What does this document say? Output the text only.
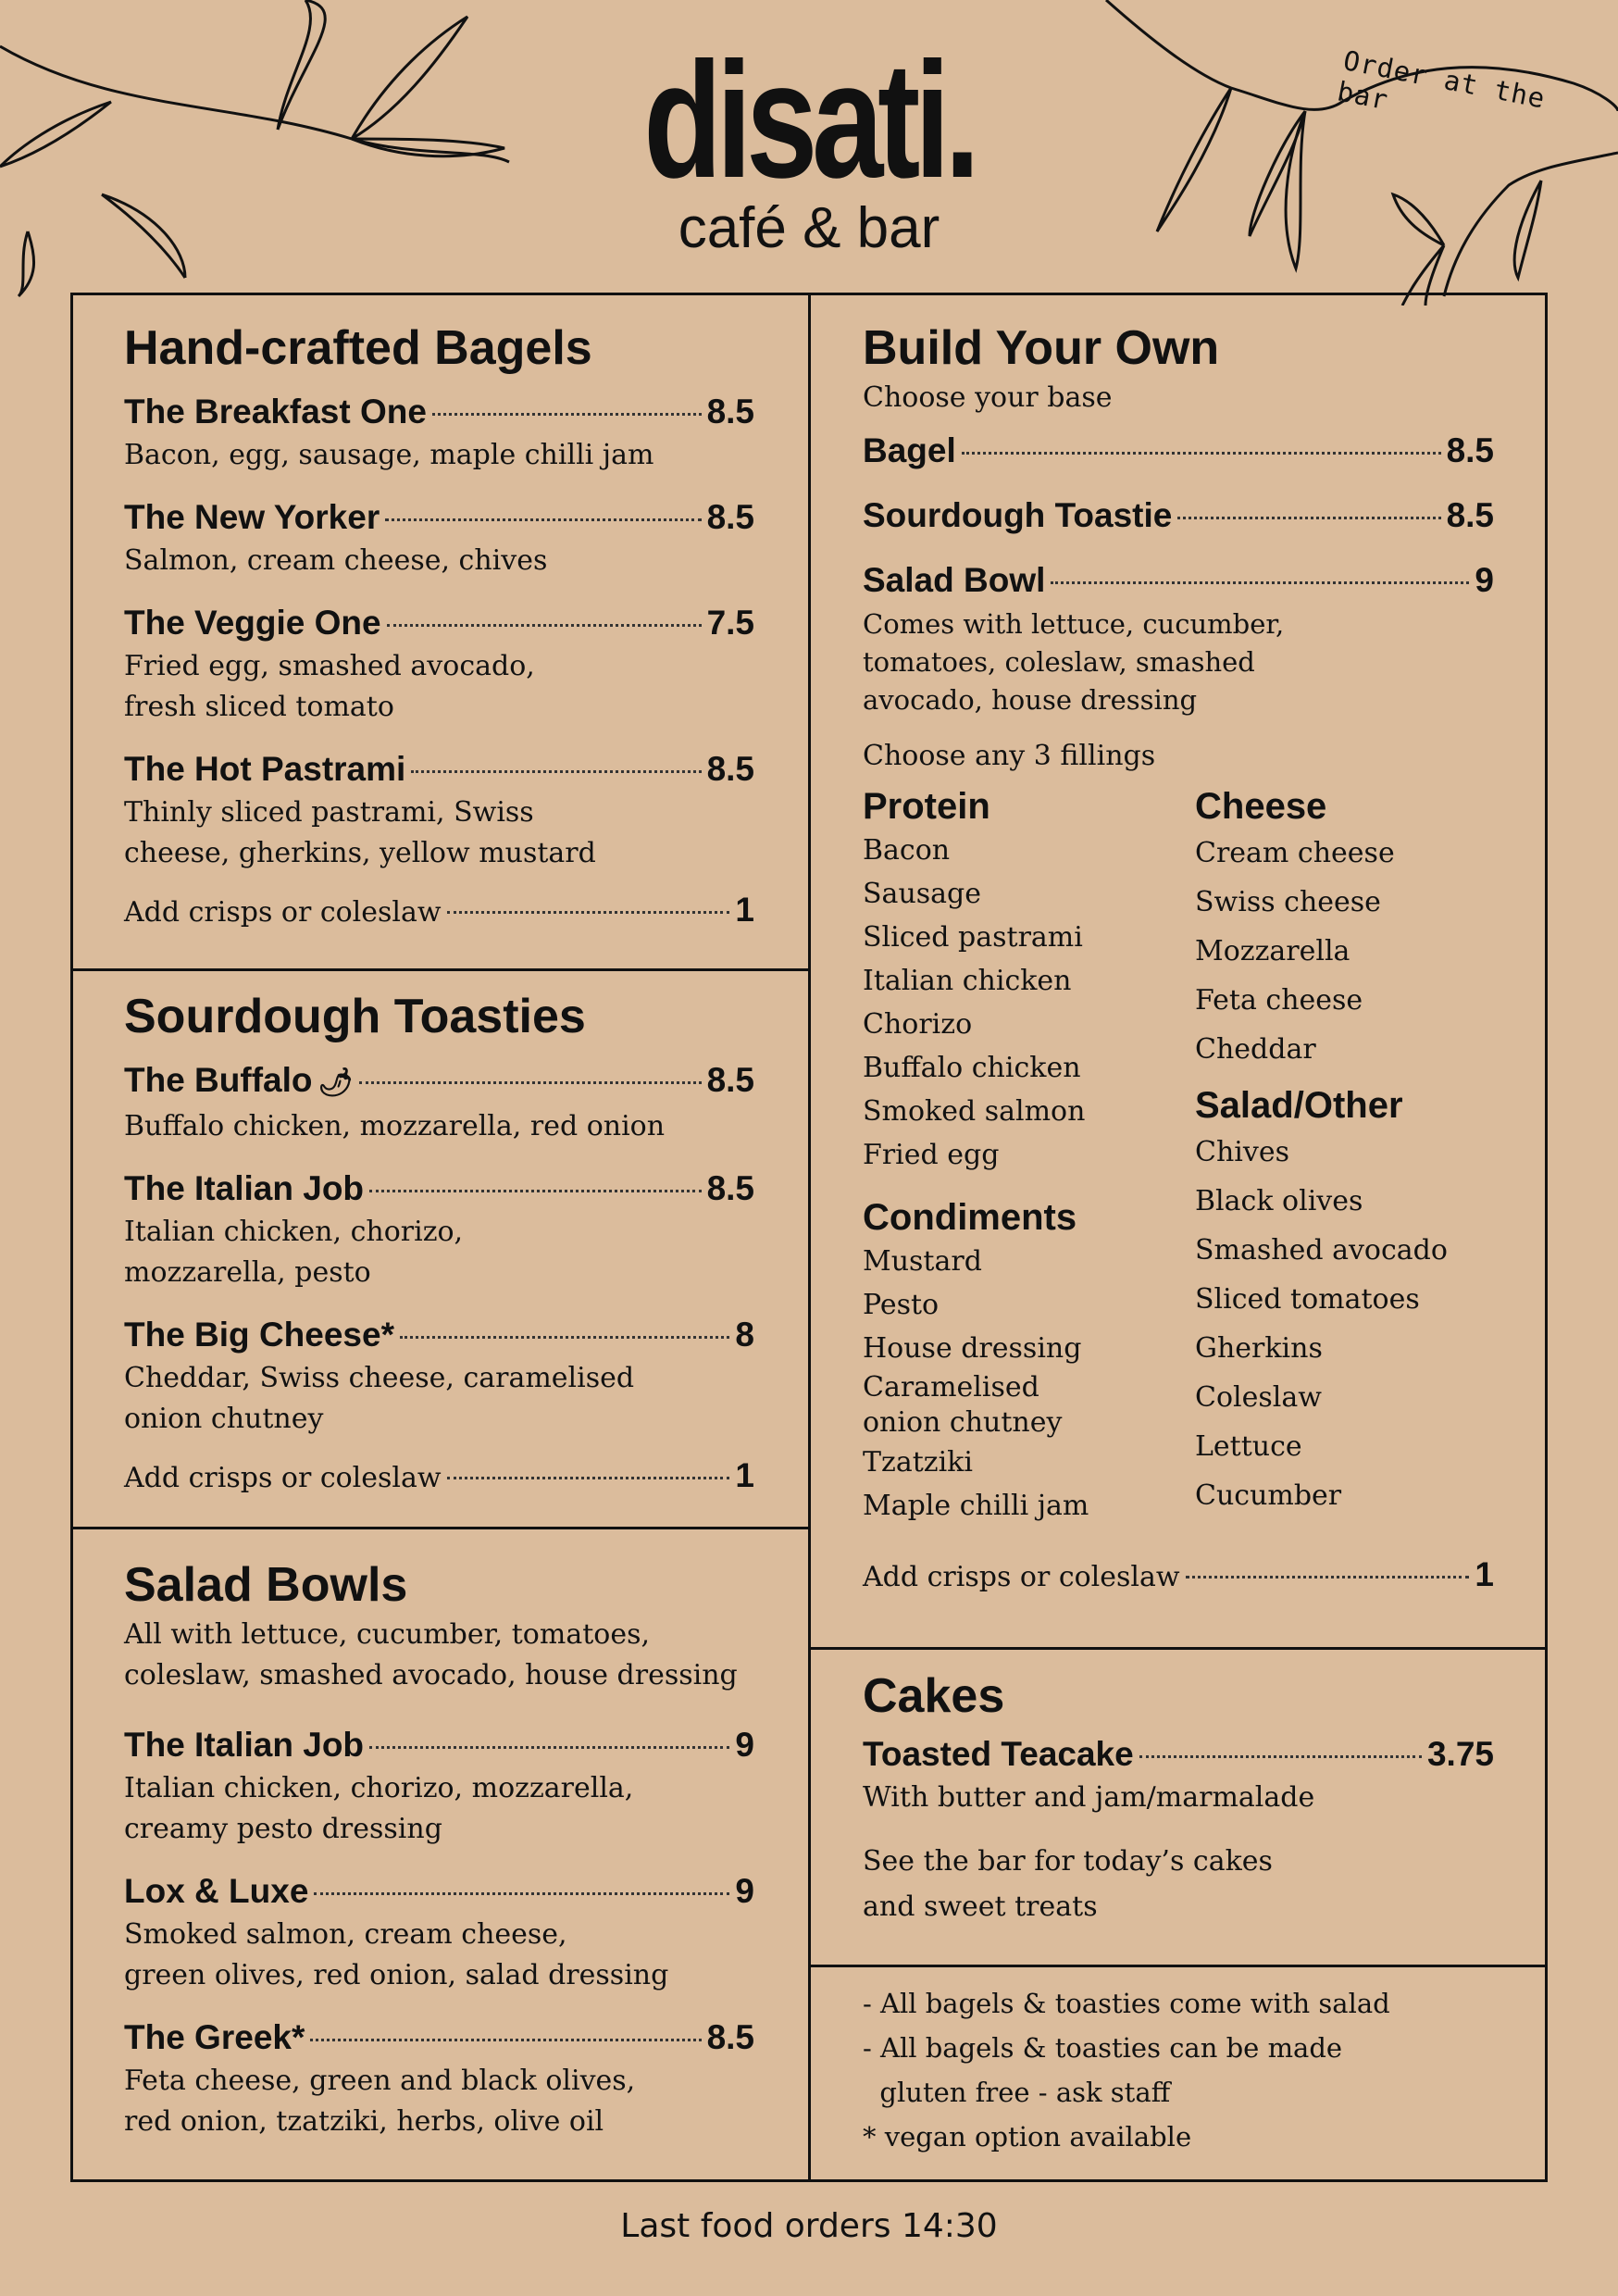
disati.
café & bar
Order at the bar
Hand-crafted Bagels
The Breakfast One	8.5
Bacon, egg, sausage, maple chilli jam
The New Yorker	8.5
Salmon, cream cheese, chives
The Veggie One	7.5
Fried egg, smashed avocado,
fresh sliced tomato
The Hot Pastrami	8.5
Thinly sliced pastrami, Swiss
cheese, gherkins, yellow mustard
Add crisps or coleslaw	1
Sourdough Toasties
The Buffalo 🌶	8.5
Buffalo chicken, mozzarella, red onion
The Italian Job	8.5
Italian chicken, chorizo,
mozzarella, pesto
The Big Cheese*	8
Cheddar, Swiss cheese, caramelised
onion chutney
Add crisps or coleslaw	1
Salad Bowls
All with lettuce, cucumber, tomatoes,
coleslaw, smashed avocado, house dressing
The Italian Job	9
Italian chicken, chorizo, mozzarella,
creamy pesto dressing
Lox & Luxe	9
Smoked salmon, cream cheese,
green olives, red onion, salad dressing
The Greek*	8.5
Feta cheese, green and black olives,
red onion, tzatziki, herbs, olive oil
Build Your Own
Choose your base
Bagel	8.5
Sourdough Toastie	8.5
Salad Bowl	9
Comes with lettuce, cucumber,
tomatoes, coleslaw, smashed
avocado, house dressing
Choose any 3 fillings
Protein
Bacon
Sausage
Sliced pastrami
Italian chicken
Chorizo
Buffalo chicken
Smoked salmon
Fried egg
Condiments
Mustard
Pesto
House dressing
Caramelised
onion chutney
Tzatziki
Maple chilli jam
Cheese
Cream cheese
Swiss cheese
Mozzarella
Feta cheese
Cheddar
Salad/Other
Chives
Black olives
Smashed avocado
Sliced tomatoes
Gherkins
Coleslaw
Lettuce
Cucumber
Add crisps or coleslaw	1
Cakes
Toasted Teacake	3.75
With butter and jam/marmalade
See the bar for today’s cakes
and sweet treats
- All bagels & toasties come with salad
- All bagels & toasties can be made
gluten free - ask staff
* vegan option available
Last food orders 14:30
